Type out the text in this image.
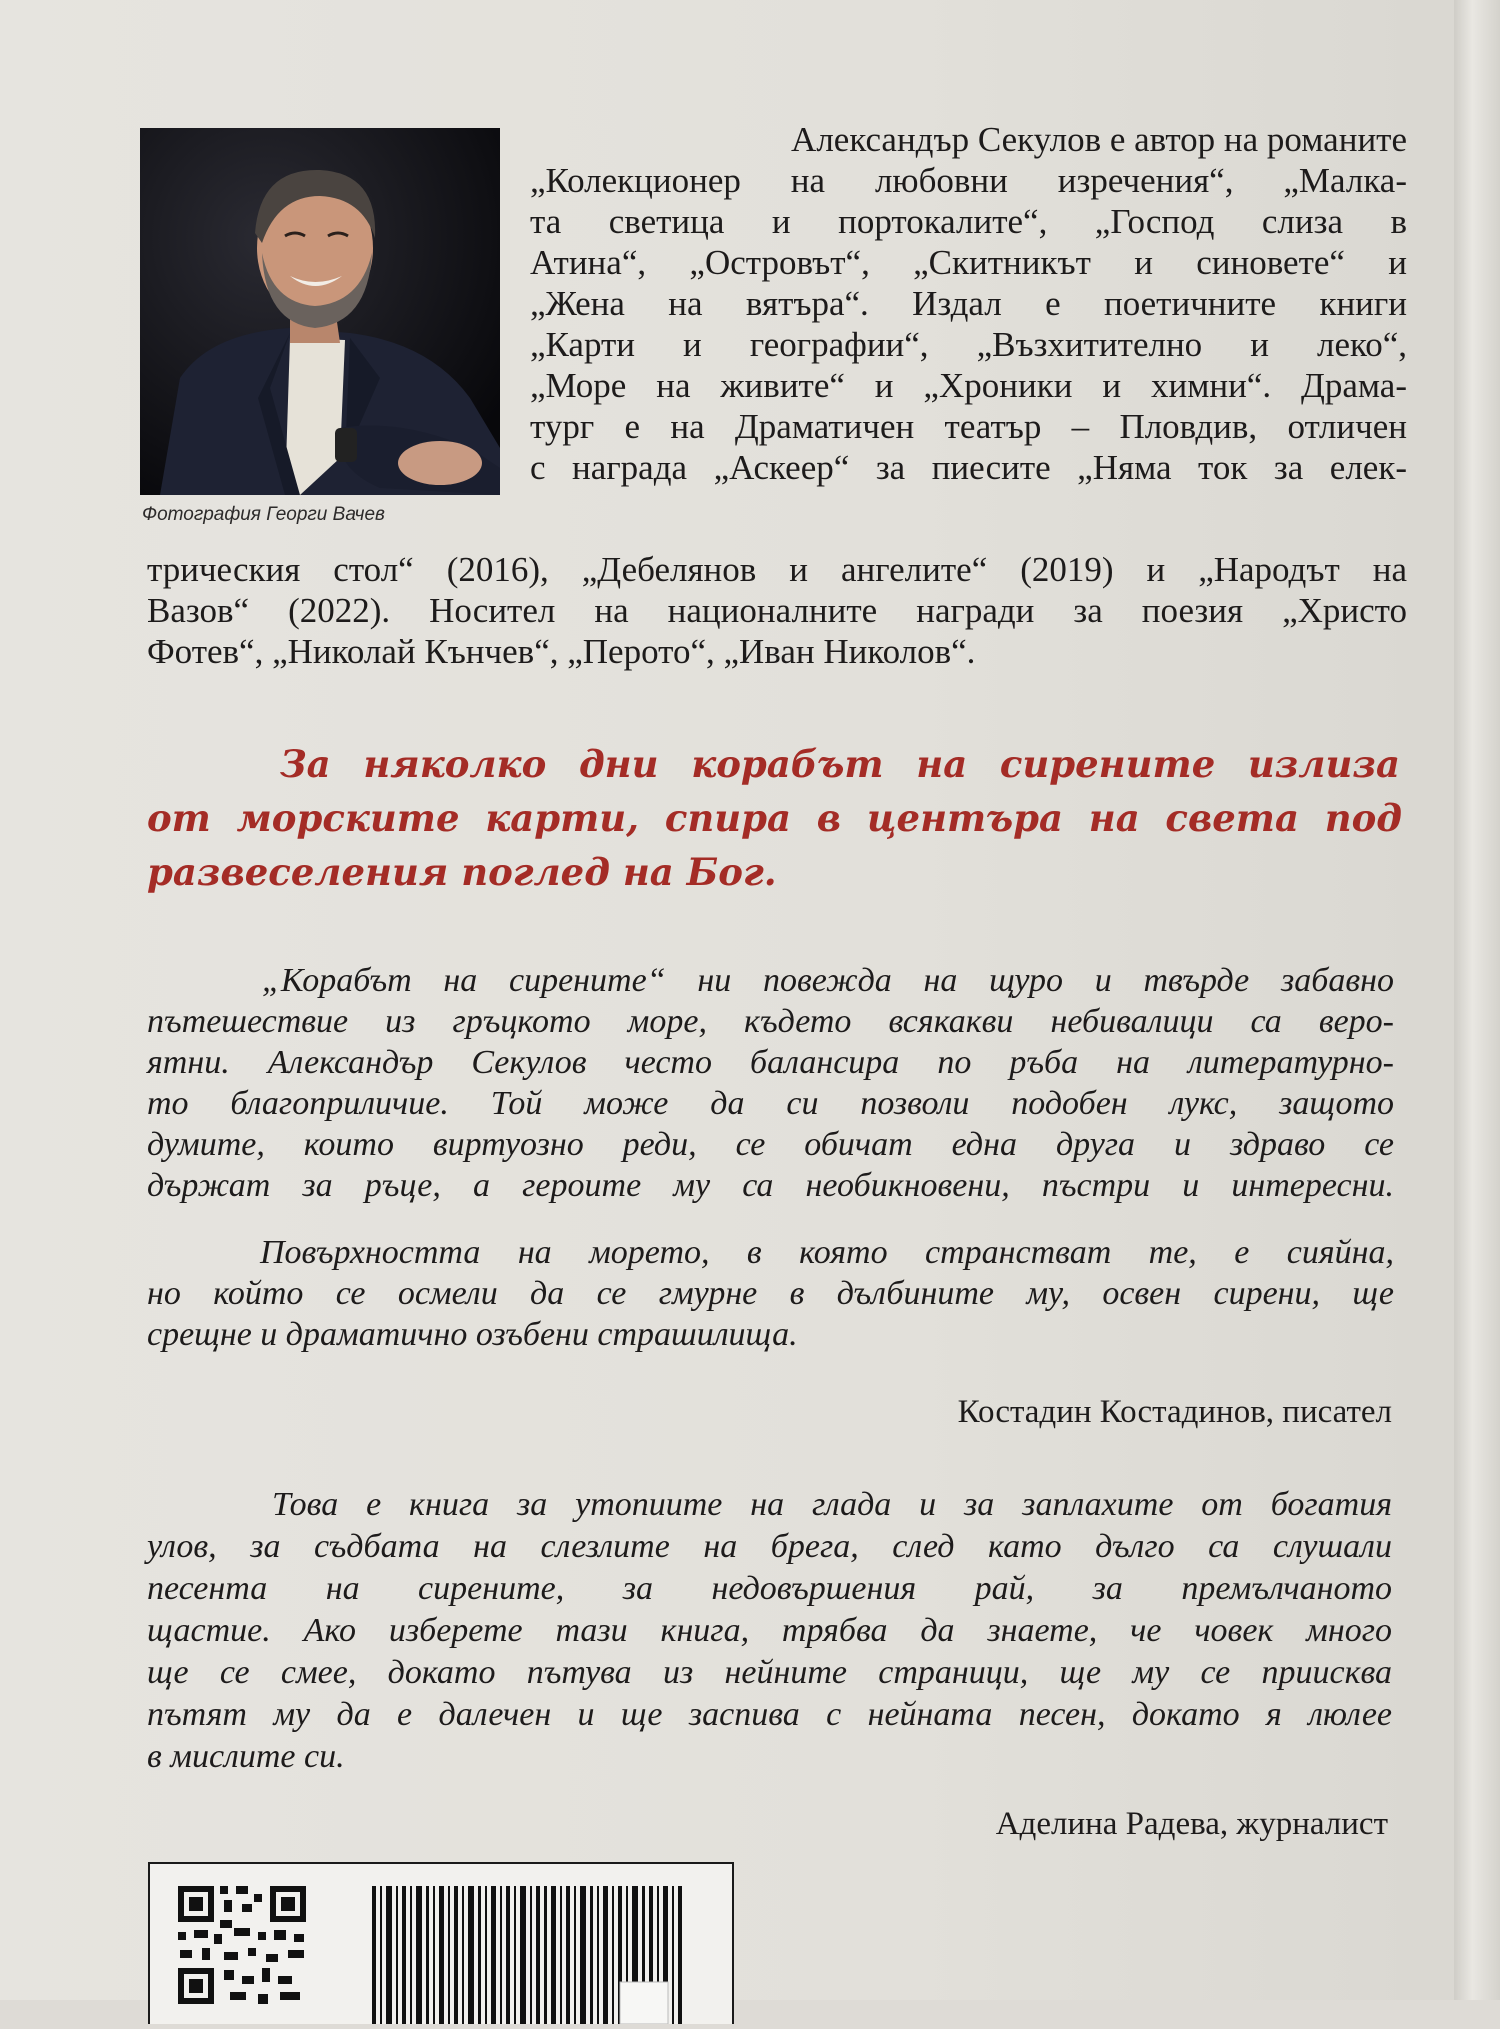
Фотография Георги Вачев
Александър Секулов е автор на романите
„Колекционер на любовни изречения“, „Малка-
та светица и портокалите“, „Господ слиза в
Атина“, „Островът“, „Скитникът и синовете“ и
„Жена на вятъра“. Издал е поетичните книги
„Карти и географии“, „Възхитително и леко“,
„Море на живите“ и „Хроники и химни“. Драма-
тург е на Драматичен театър – Пловдив, отличен
с награда „Аскеер“ за пиесите „Няма ток за елек-
трическия стол“ (2016), „Дебелянов и ангелите“ (2019) и „Народът на
Вазов“ (2022). Носител на националните награди за поезия „Христо
Фотев“, „Николай Кънчев“, „Перото“, „Иван Николов“.
За няколко дни корабът на сирените излиза
от морските карти, спира в центъра на света под
развеселения поглед на Бог.
„Корабът на сирените“ ни повежда на щуро и твърде забавно
пътешествие из гръцкото море, където всякакви небивалици са веро-
ятни. Александър Секулов често балансира по ръба на литературно-
то благоприличие. Той може да си позволи подобен лукс, защото
думите, които виртуозно реди, се обичат една друга и здраво се
държат за ръце, а героите му са необикновени, пъстри и интересни.
Повърхността на морето, в която странстват те, е сияйна,
но който се осмели да се гмурне в дълбините му, освен сирени, ще
срещне и драматично озъбени страшилища.
Костадин Костадинов, писател
Това е книга за утопиите на глада и за заплахите от богатия
улов, за съдбата на слезлите на брега, след като дълго са слушали
песента на сирените, за недовършения рай, за премълчаното
щастие. Ако изберете тази книга, трябва да знаете, че човек много
ще се смее, докато пътува из нейните страници, ще му се приисква
пътят му да е далечен и ще заспива с нейната песен, докато я люлее
в мислите си.
Аделина Радева, журналист
